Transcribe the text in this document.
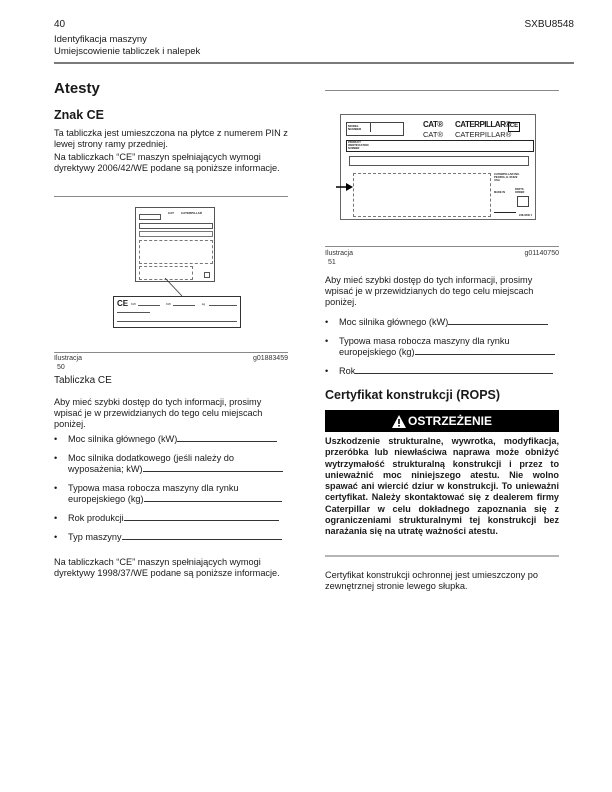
40	SXBU8548
Identyfikacja maszyny
Umiejscowienie tabliczek i nalepek
Atesty
Znak CE

Ta tabliczka jest umieszczona na płytce z numerem PIN z lewej strony ramy przedniej.

Na tabliczkach “CE” maszyn spełniających wymogi dyrektywy 2006/42/WE podane są poniższe informacje.

CAT CATERPILLAR
CE KW	KW	kg
Ilustracja	g01883459
50
Tabliczka CE

Aby mieć szybki dostęp do tych informacji, prosimy wpisać je w przewidzianych do tego celu miejscach poniżej.

• Moc silnika głównego (kW)
• Moc silnika dodatkowego (jeśli należy do wyposażenia; kW)
• Typowa masa robocza maszyny dla rynku europejskiego (kg)
• Rok produkcji
• Typ maszyny

Na tabliczkach “CE” maszyn spełniających wymogi dyrektywy 1998/37/WE podane są poniższe informacje.

MODEL NUMBER	CAT®
CAT®
CATERPILLAR®
CATERPILLAR®
CE
PRODUCT IDENTIFICATION NUMBER
CATERPILLAR INC.
PEORIA, IL 61629
USA
MADE IN
PARTS ORDER
238-0000 1
Ilustracja	g01140750
51

Aby mieć szybki dostęp do tych informacji, prosimy wpisać je w przewidzianych do tego celu miejscach poniżej.

• Moc silnika głównego (kW)
• Typowa masa robocza maszyny dla rynku europejskiego (kg)
• Rok
Certyfikat konstrukcji (ROPS)
OSTRZEŻENIE

Uszkodzenie strukturalne, wywrotka, modyfikacja, przeróbka lub niewłaściwa naprawa może obniżyć wytrzymałość strukturalną konstrukcji i przez to unieważnić moc niniejszego atestu. Nie wolno spawać ani wiercić dziur w konstrukcji. To unieważni certyfikat. Należy skontaktować się z dealerem firmy Caterpillar w celu dokładnego zapoznania się z ograniczeniami strukturalnymi tej konstrukcji bez narażania się na utratę ważności atestu.

Certyfikat konstrukcji ochronnej jest umieszczony po zewnętrznej stronie lewego słupka.
